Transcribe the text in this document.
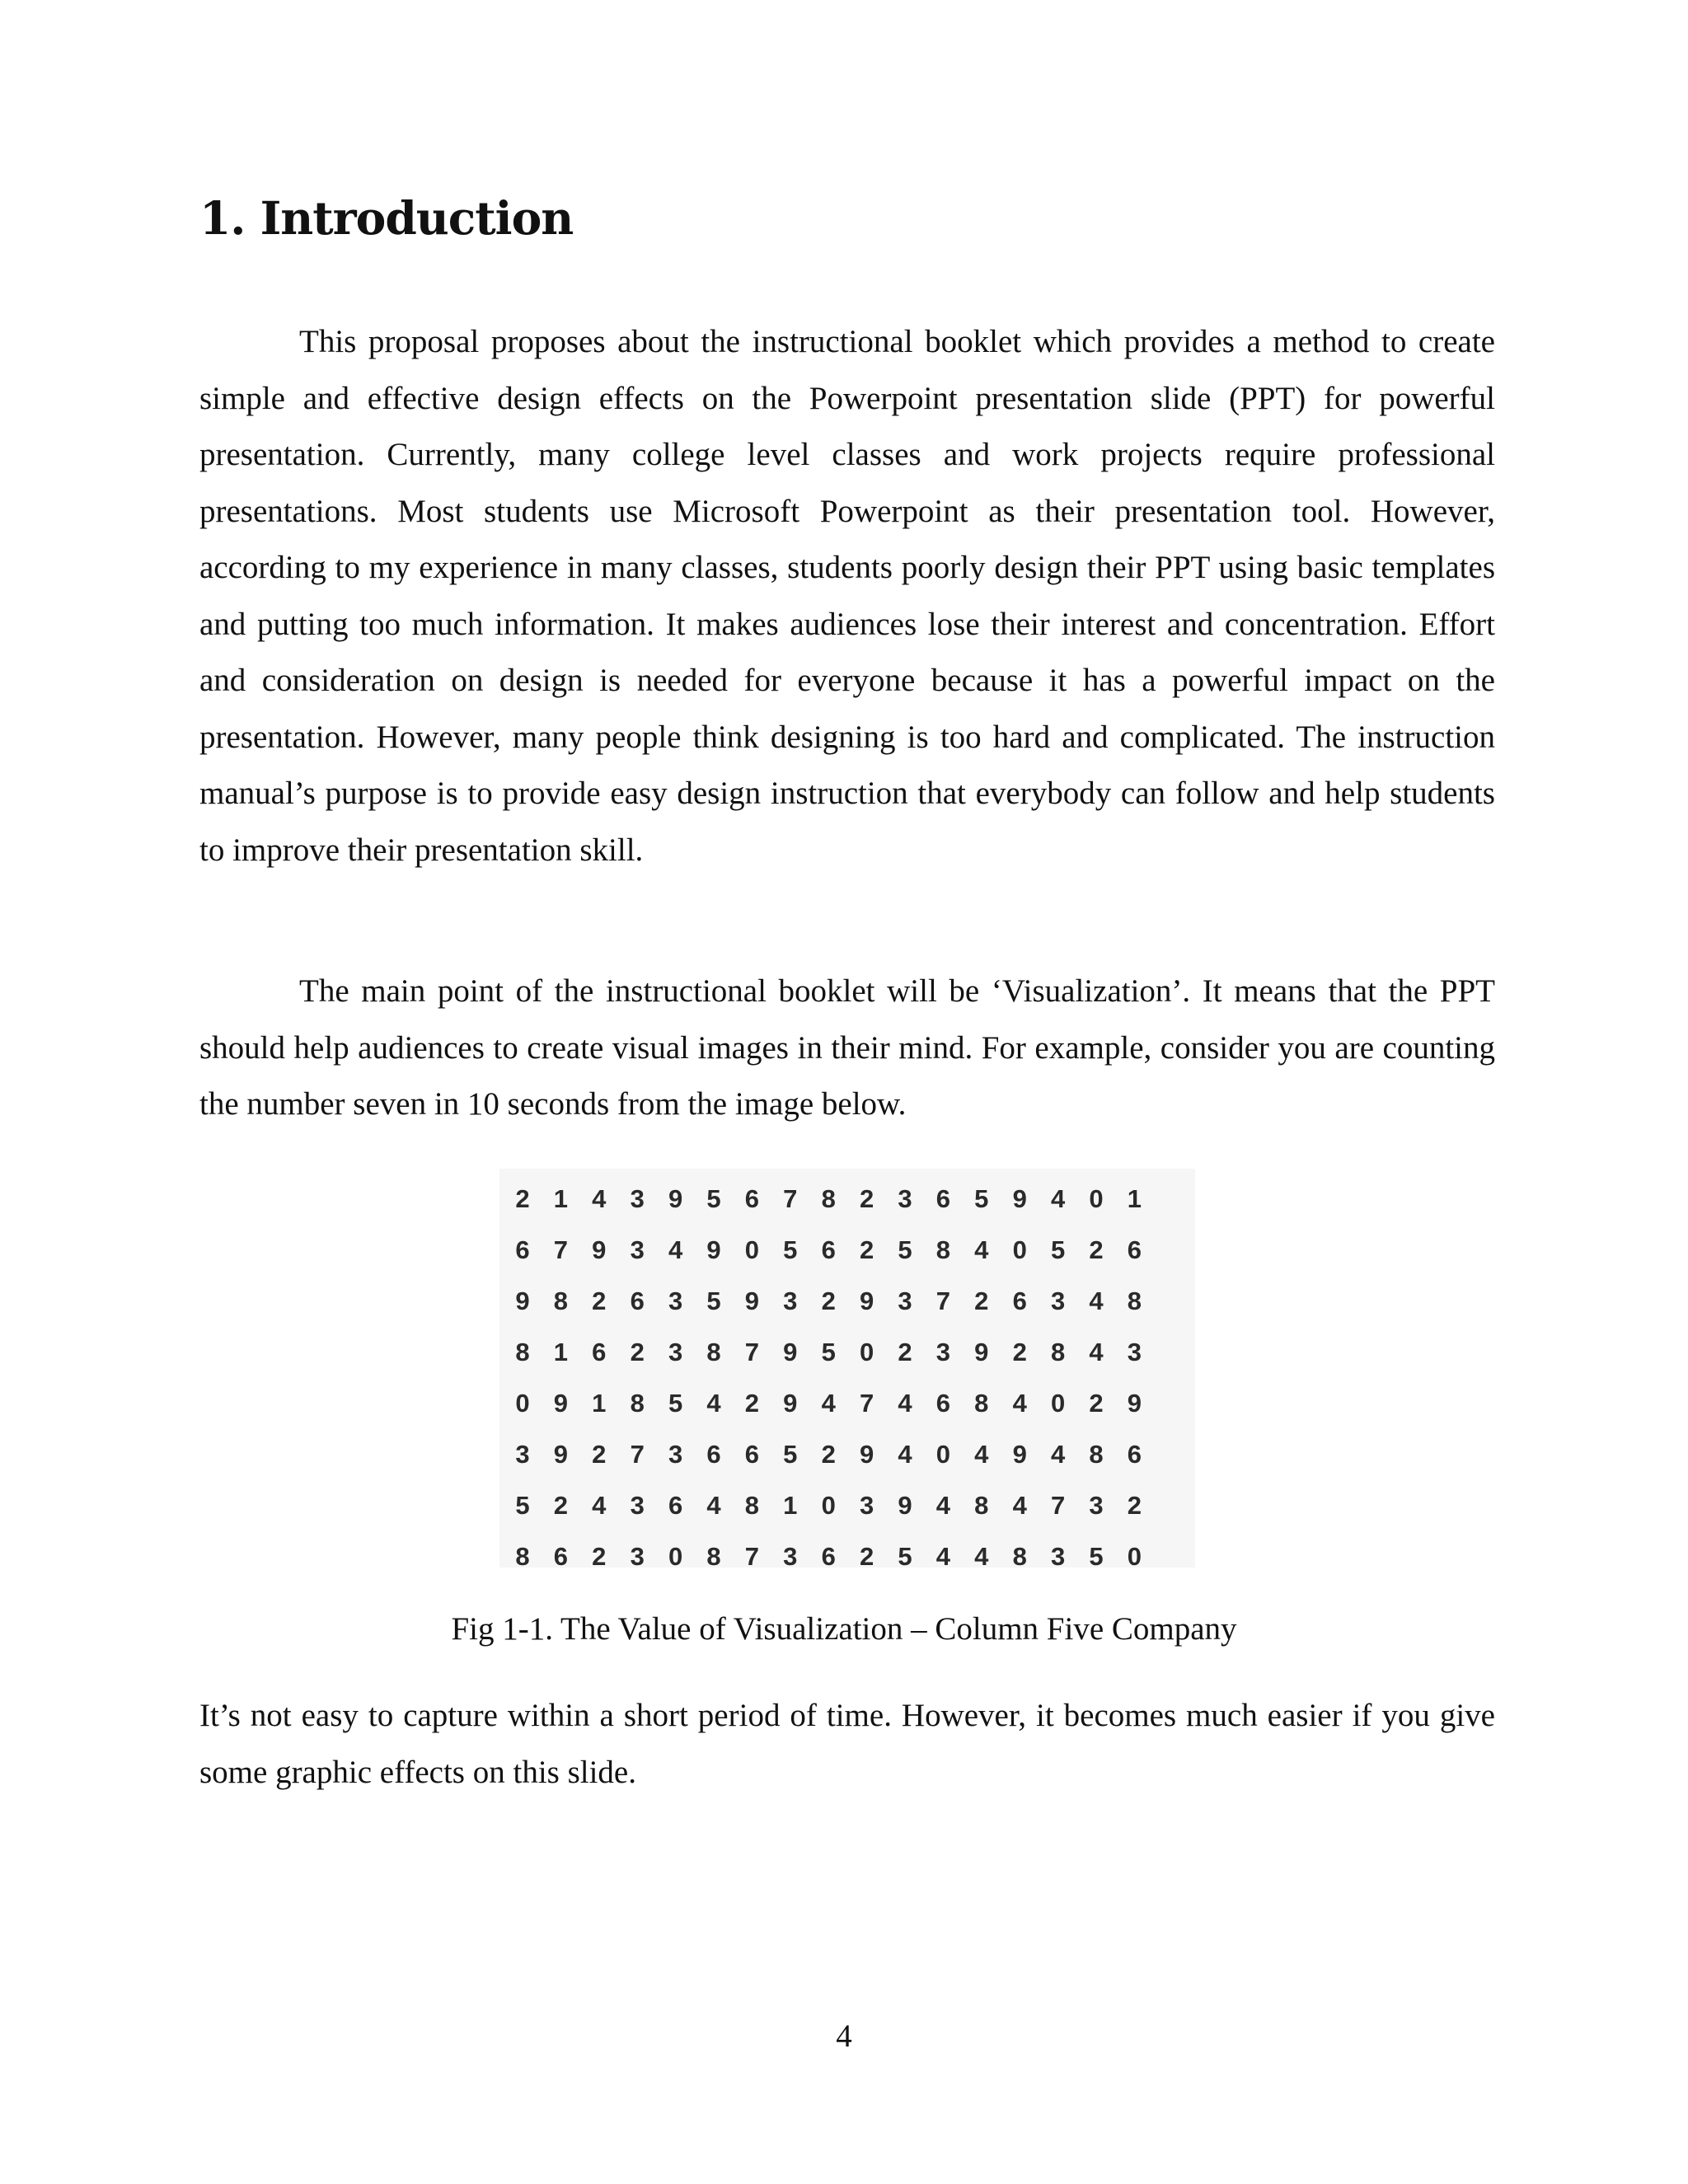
1. Introduction

This proposal proposes about the instructional booklet which provides a method to create simple and effective design effects on the Powerpoint presentation slide (PPT) for powerful presentation. Currently, many college level classes and work projects require professional presentations. Most students use Microsoft Powerpoint as their presentation tool. However, according to my experience in many classes, students poorly design their PPT using basic templates and putting too much information. It makes audiences lose their interest and concentration. Effort and consideration on design is needed for everyone because it has a powerful impact on the presentation. However, many people think designing is too hard and complicated. The instruction manual’s purpose is to provide easy design instruction that everybody can follow and help students to improve their presentation skill.

The main point of the instructional booklet will be ‘Visualization’. It means that the PPT should help audiences to create visual images in their mind. For example, consider you are counting the number seven in 10 seconds from the image below.

2 1 4 3 9 5 6 7 8 2 3 6 5 9 4 0 1
6 7 9 3 4 9 0 5 6 2 5 8 4 0 5 2 6
9 8 2 6 3 5 9 3 2 9 3 7 2 6 3 4 8
8 1 6 2 3 8 7 9 5 0 2 3 9 2 8 4 3
0 9 1 8 5 4 2 9 4 7 4 6 8 4 0 2 9
3 9 2 7 3 6 6 5 2 9 4 0 4 9 4 8 6
5 2 4 3 6 4 8 1 0 3 9 4 8 4 7 3 2
8 6 2 3 0 8 7 3 6 2 5 4 4 8 3 5 0

Fig 1-1. The Value of Visualization – Column Five Company

It’s not easy to capture within a short period of time. However, it becomes much easier if you give some graphic effects on this slide.

4
